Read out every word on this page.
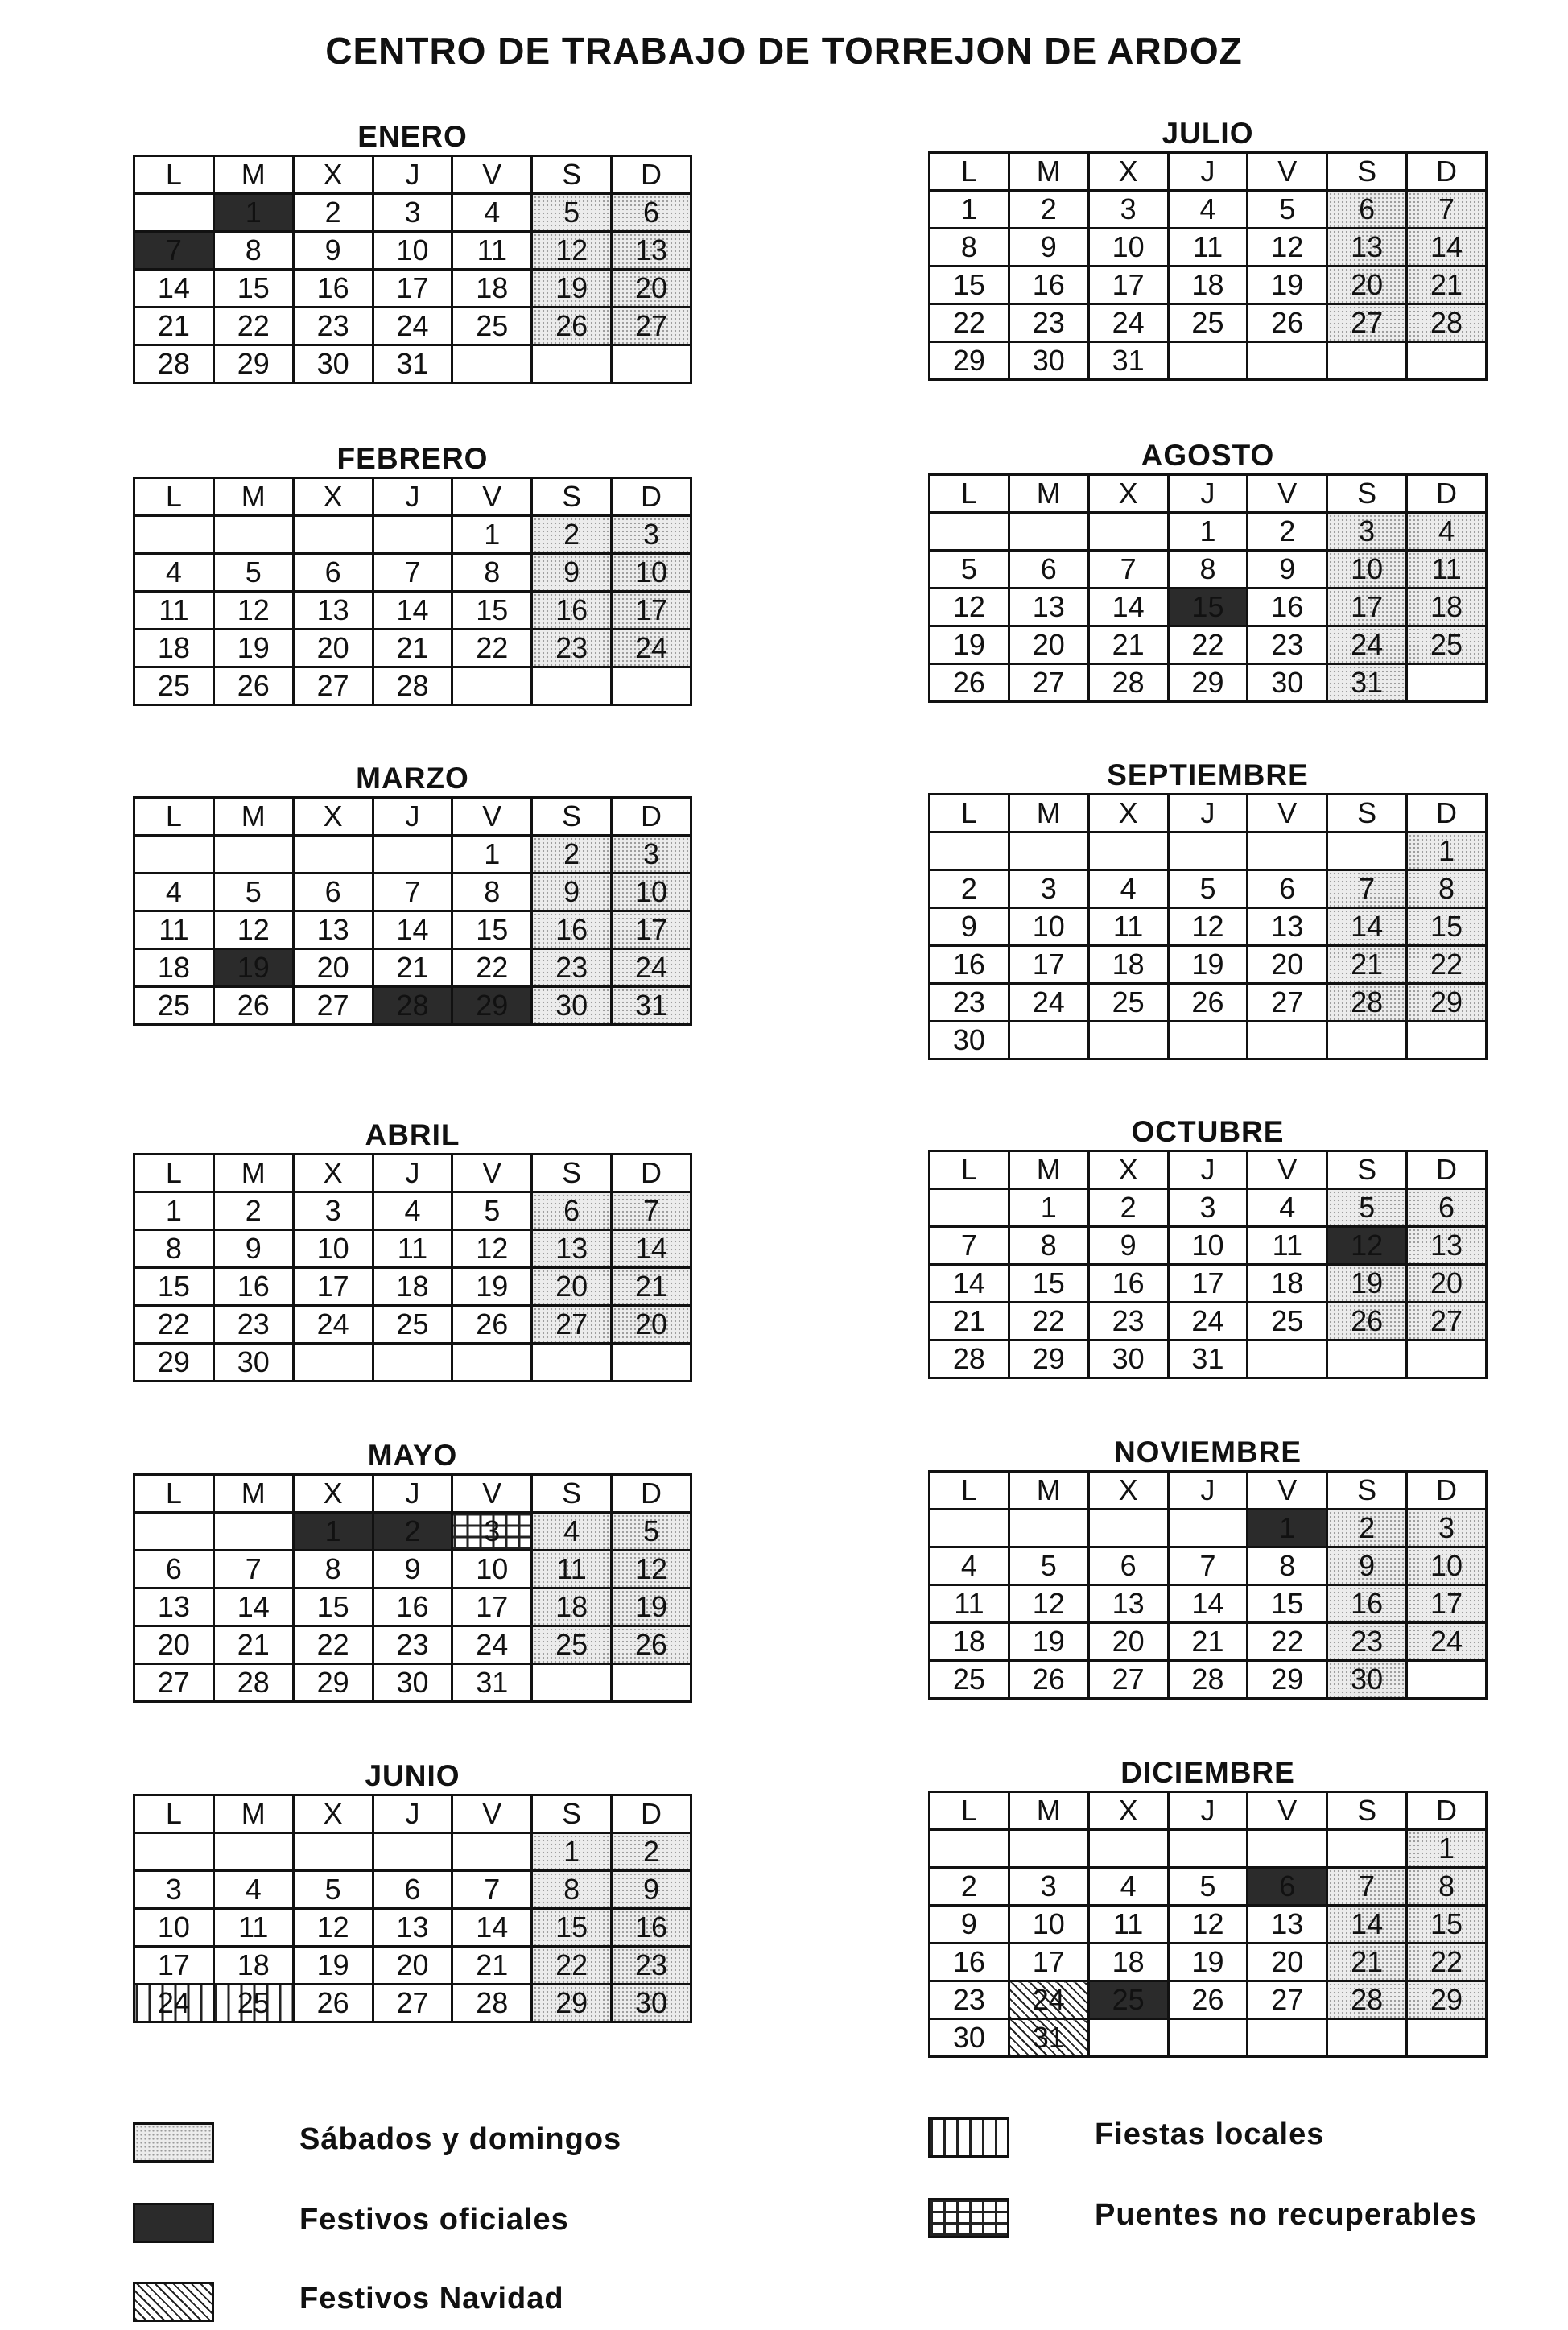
CENTRO DE TRABAJO DE TORREJON DE ARDOZ
ENERO
L	M	X	J	V	S	D
	1	2	3	4	5	6
7	8	9	10	11	12	13
14	15	16	17	18	19	20
21	22	23	24	25	26	27
28	29	30	31			
FEBRERO
L	M	X	J	V	S	D
				1	2	3
4	5	6	7	8	9	10
11	12	13	14	15	16	17
18	19	20	21	22	23	24
25	26	27	28			
MARZO
L	M	X	J	V	S	D
				1	2	3
4	5	6	7	8	9	10
11	12	13	14	15	16	17
18	19	20	21	22	23	24
25	26	27	28	29	30	31
ABRIL
L	M	X	J	V	S	D
1	2	3	4	5	6	7
8	9	10	11	12	13	14
15	16	17	18	19	20	21
22	23	24	25	26	27	20
29	30					
MAYO
L	M	X	J	V	S	D
		1	2	3	4	5
6	7	8	9	10	11	12
13	14	15	16	17	18	19
20	21	22	23	24	25	26
27	28	29	30	31		
JUNIO
L	M	X	J	V	S	D
					1	2
3	4	5	6	7	8	9
10	11	12	13	14	15	16
17	18	19	20	21	22	23
24	25	26	27	28	29	30
JULIO
L	M	X	J	V	S	D
1	2	3	4	5	6	7
8	9	10	11	12	13	14
15	16	17	18	19	20	21
22	23	24	25	26	27	28
29	30	31				
AGOSTO
L	M	X	J	V	S	D
			1	2	3	4
5	6	7	8	9	10	11
12	13	14	15	16	17	18
19	20	21	22	23	24	25
26	27	28	29	30	31	
SEPTIEMBRE
L	M	X	J	V	S	D
						1
2	3	4	5	6	7	8
9	10	11	12	13	14	15
16	17	18	19	20	21	22
23	24	25	26	27	28	29
30						
OCTUBRE
L	M	X	J	V	S	D
	1	2	3	4	5	6
7	8	9	10	11	12	13
14	15	16	17	18	19	20
21	22	23	24	25	26	27
28	29	30	31			
NOVIEMBRE
L	M	X	J	V	S	D
				1	2	3
4	5	6	7	8	9	10
11	12	13	14	15	16	17
18	19	20	21	22	23	24
25	26	27	28	29	30	
DICIEMBRE
L	M	X	J	V	S	D
						1
2	3	4	5	6	7	8
9	10	11	12	13	14	15
16	17	18	19	20	21	22
23	24	25	26	27	28	29
30	31					
Sábados y domingos
Festivos oficiales
Festivos Navidad
Fiestas locales
Puentes no recuperables
